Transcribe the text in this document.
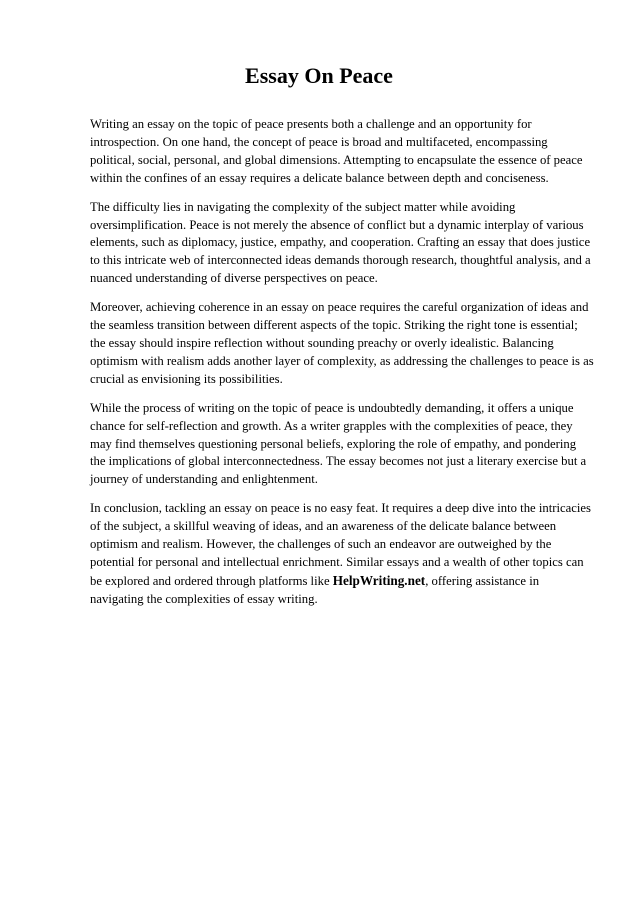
Essay On Peace

Writing an essay on the topic of peace presents both a challenge and an opportunity for introspection. On one hand, the concept of peace is broad and multifaceted, encompassing political, social, personal, and global dimensions. Attempting to encapsulate the essence of peace within the confines of an essay requires a delicate balance between depth and conciseness.

The difficulty lies in navigating the complexity of the subject matter while avoiding oversimplification. Peace is not merely the absence of conflict but a dynamic interplay of various elements, such as diplomacy, justice, empathy, and cooperation. Crafting an essay that does justice to this intricate web of interconnected ideas demands thorough research, thoughtful analysis, and a nuanced understanding of diverse perspectives on peace.

Moreover, achieving coherence in an essay on peace requires the careful organization of ideas and the seamless transition between different aspects of the topic. Striking the right tone is essential; the essay should inspire reflection without sounding preachy or overly idealistic. Balancing optimism with realism adds another layer of complexity, as addressing the challenges to peace is as crucial as envisioning its possibilities.

While the process of writing on the topic of peace is undoubtedly demanding, it offers a unique chance for self-reflection and growth. As a writer grapples with the complexities of peace, they may find themselves questioning personal beliefs, exploring the role of empathy, and pondering the implications of global interconnectedness. The essay becomes not just a literary exercise but a journey of understanding and enlightenment.

In conclusion, tackling an essay on peace is no easy feat. It requires a deep dive into the intricacies of the subject, a skillful weaving of ideas, and an awareness of the delicate balance between optimism and realism. However, the challenges of such an endeavor are outweighed by the potential for personal and intellectual enrichment. Similar essays and a wealth of other topics can be explored and ordered through platforms like HelpWriting.net, offering assistance in navigating the complexities of essay writing.
